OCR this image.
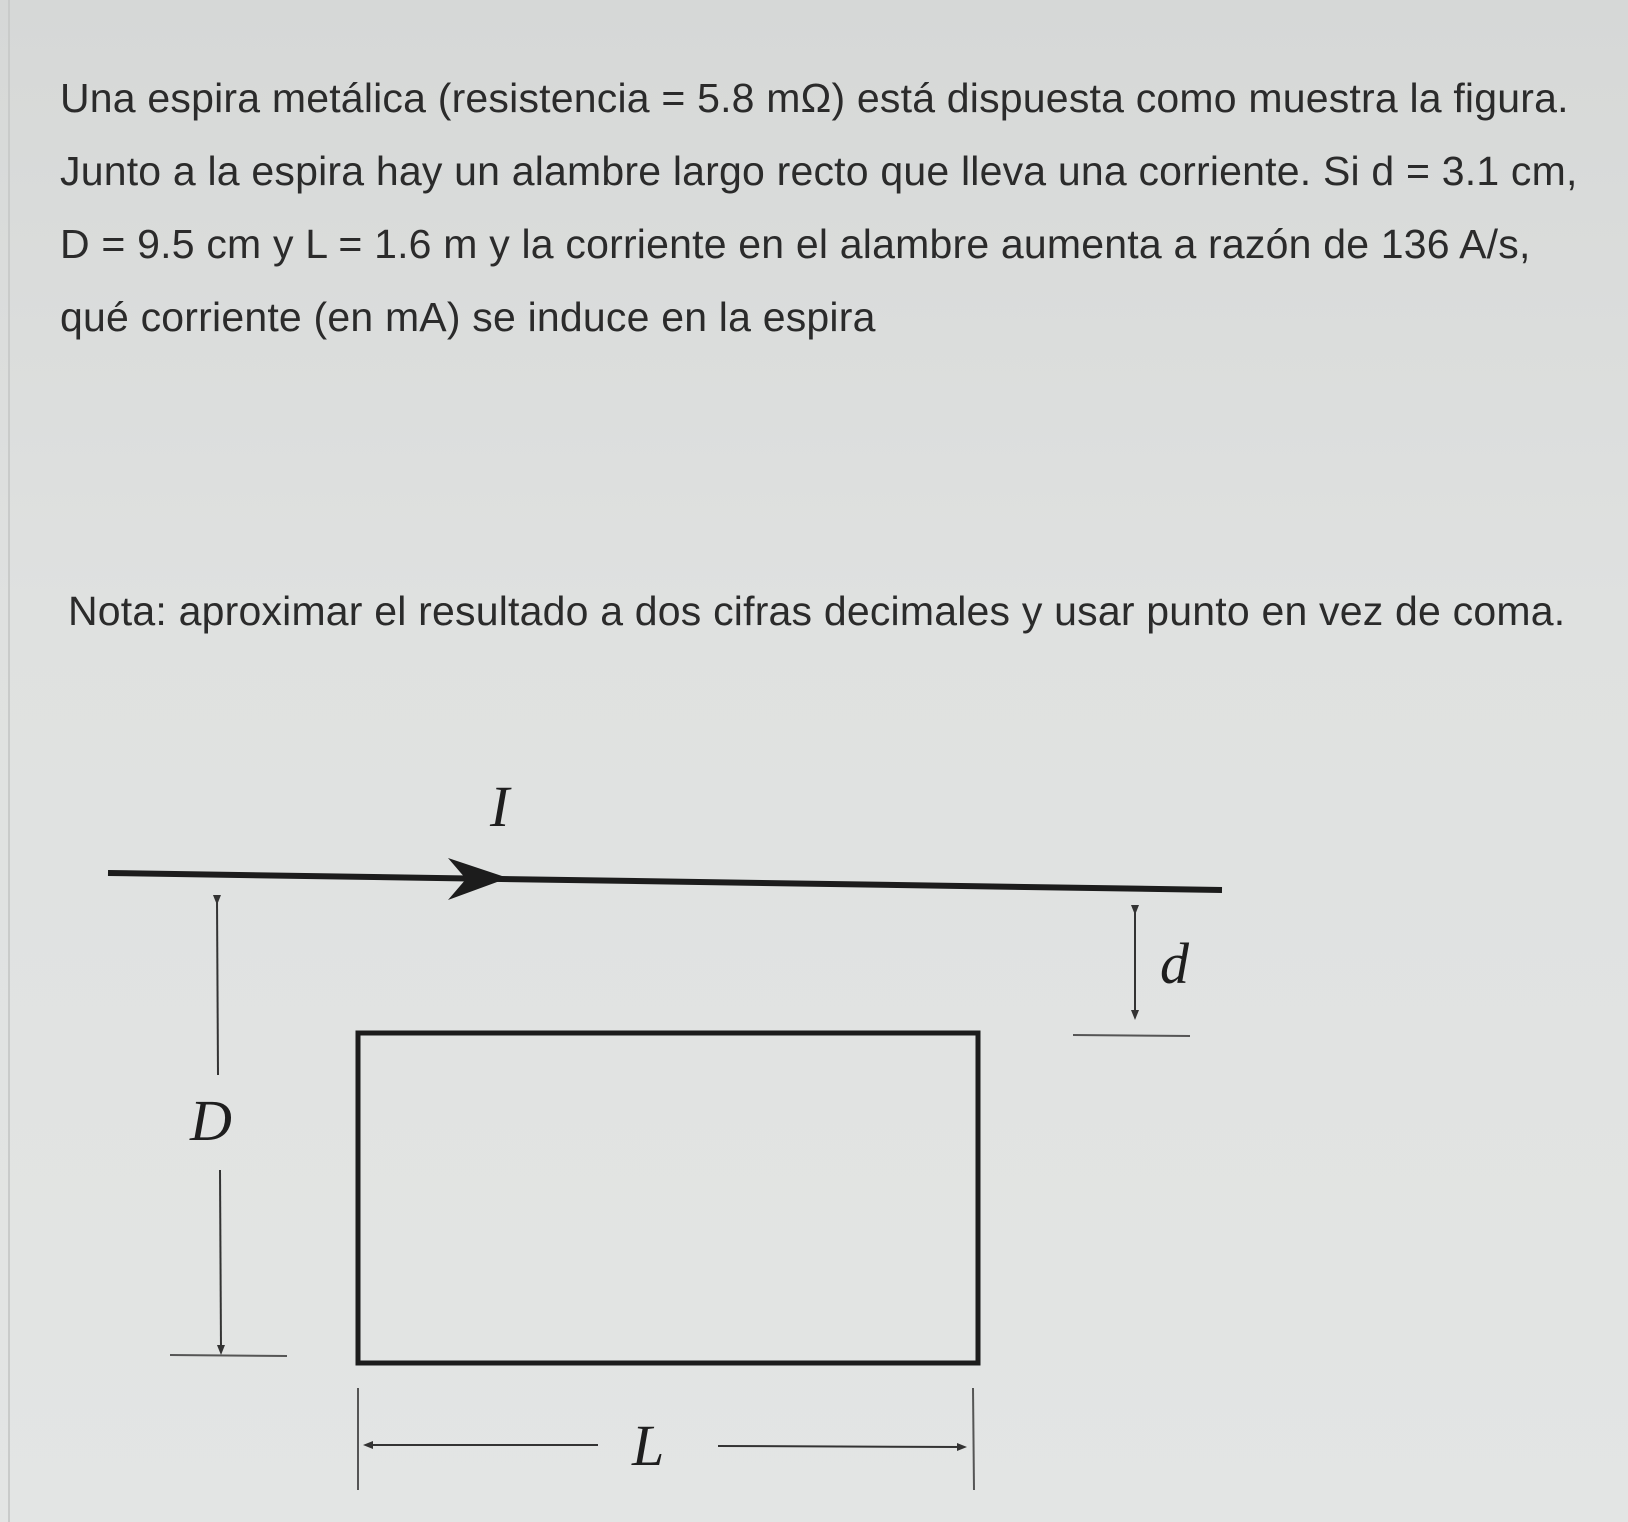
Una espira metálica (resistencia = 5.8 mΩ) está dispuesta como muestra la figura. Junto a la espira hay un alambre largo recto que lleva una corriente. Si d = 3.1 cm, D = 9.5 cm y L = 1.6 m y la corriente en el alambre aumenta a razón de 136 A/s, qué corriente (en mA) se induce en la espira

Nota: aproximar el resultado a dos cifras decimales y usar punto en vez de coma.

I
d
D
L
